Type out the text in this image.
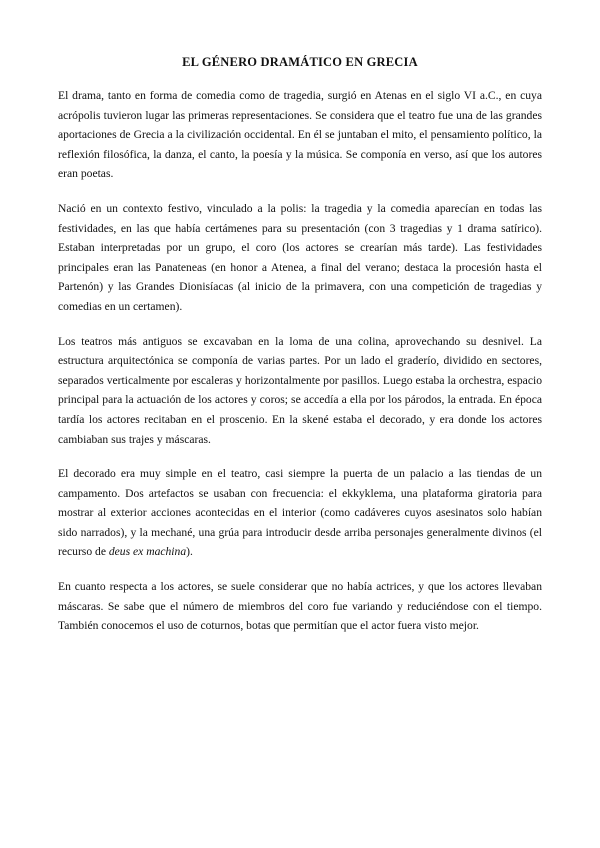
EL GÉNERO DRAMÁTICO EN GRECIA

El drama, tanto en forma de comedia como de tragedia, surgió en Atenas en el siglo VI a.C., en cuya acrópolis tuvieron lugar las primeras representaciones. Se considera que el teatro fue una de las grandes aportaciones de Grecia a la civilización occidental. En él se juntaban el mito, el pensamiento político, la reflexión filosófica, la danza, el canto, la poesía y la música. Se componía en verso, así que los autores eran poetas.

Nació en un contexto festivo, vinculado a la polis: la tragedia y la comedia aparecían en todas las festividades, en las que había certámenes para su presentación (con 3 tragedias y 1 drama satírico). Estaban interpretadas por un grupo, el coro (los actores se crearían más tarde). Las festividades principales eran las Panateneas (en honor a Atenea, a final del verano; destaca la procesión hasta el Partenón) y las Grandes Dionisíacas (al inicio de la primavera, con una competición de tragedias y comedias en un certamen).

Los teatros más antiguos se excavaban en la loma de una colina, aprovechando su desnivel. La estructura arquitectónica se componía de varias partes. Por un lado el graderío, dividido en sectores, separados verticalmente por escaleras y horizontalmente por pasillos. Luego estaba la orchestra, espacio principal para la actuación de los actores y coros; se accedía a ella por los párodos, la entrada. En época tardía los actores recitaban en el proscenio. En la skené estaba el decorado, y era donde los actores cambiaban sus trajes y máscaras.

El decorado era muy simple en el teatro, casi siempre la puerta de un palacio a las tiendas de un campamento. Dos artefactos se usaban con frecuencia: el ekkyklema, una plataforma giratoria para mostrar al exterior acciones acontecidas en el interior (como cadáveres cuyos asesinatos solo habían sido narrados), y la mechané, una grúa para introducir desde arriba personajes generalmente divinos (el recurso de deus ex machina).

En cuanto respecta a los actores, se suele considerar que no había actrices, y que los actores llevaban máscaras. Se sabe que el número de miembros del coro fue variando y reduciéndose con el tiempo. También conocemos el uso de coturnos, botas que permitían que el actor fuera visto mejor.
